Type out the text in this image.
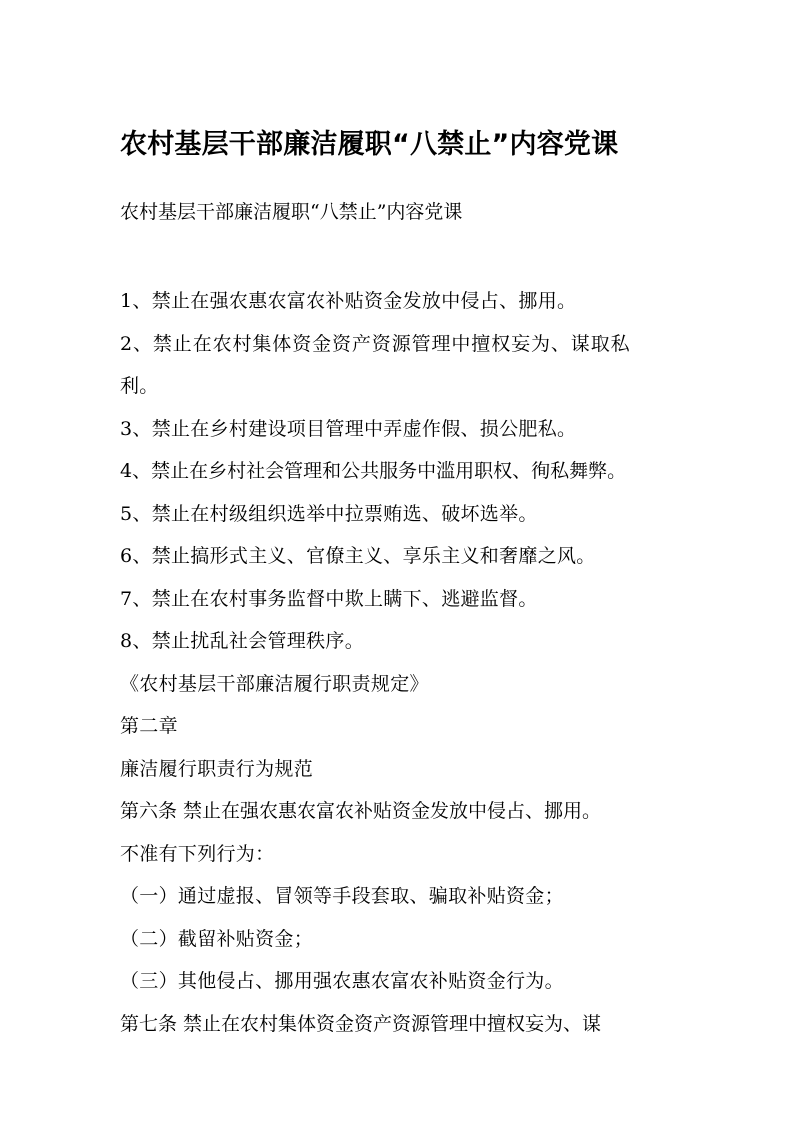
农村基层干部廉洁履职“八禁止”内容党课
农村基层干部廉洁履职“八禁止”内容党课
1、禁止在强农惠农富农补贴资金发放中侵占、挪用。
2、禁止在农村集体资金资产资源管理中擅权妄为、谋取私
利。
3、禁止在乡村建设项目管理中弄虚作假、损公肥私。
4、禁止在乡村社会管理和公共服务中滥用职权、徇私舞弊。
5、禁止在村级组织选举中拉票贿选、破坏选举。
6、禁止搞形式主义、官僚主义、享乐主义和奢靡之风。
7、禁止在农村事务监督中欺上瞒下、逃避监督。
8、禁止扰乱社会管理秩序。
《农村基层干部廉洁履行职责规定》
第二章
廉洁履行职责行为规范
第六条 禁止在强农惠农富农补贴资金发放中侵占、挪用。
不准有下列行为：
（一）通过虚报、冒领等手段套取、骗取补贴资金；
（二）截留补贴资金；
（三）其他侵占、挪用强农惠农富农补贴资金行为。
第七条 禁止在农村集体资金资产资源管理中擅权妄为、谋
